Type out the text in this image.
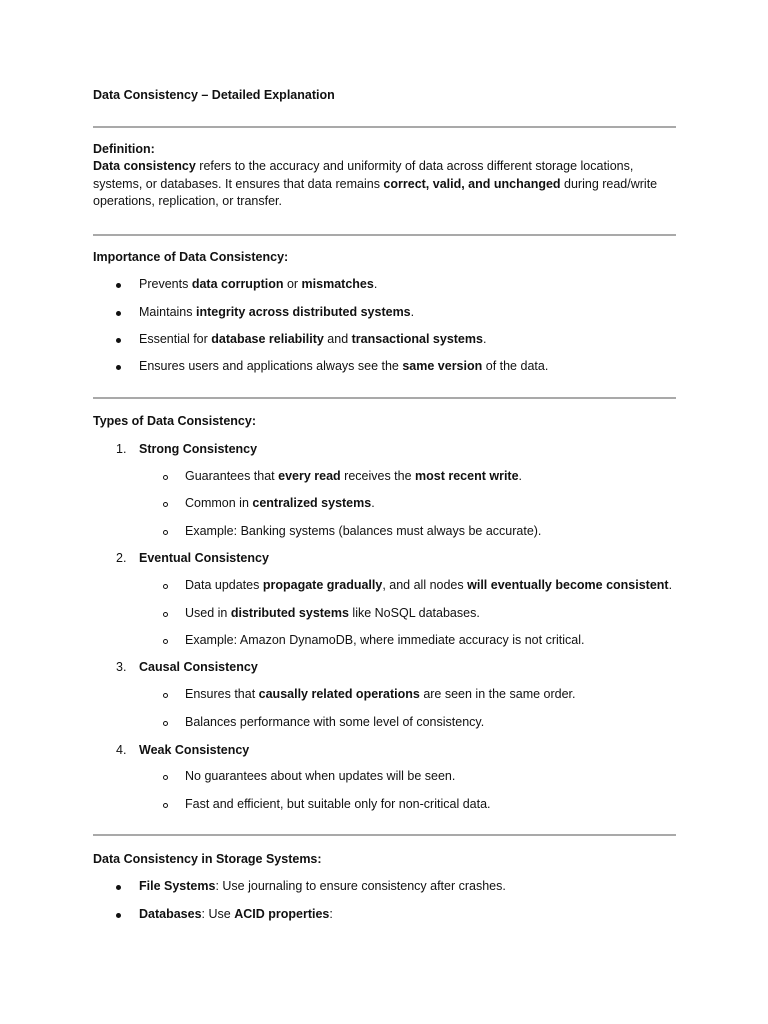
Data Consistency – Detailed Explanation
Definition:
Data consistency refers to the accuracy and uniformity of data across different storage locations, systems, or databases. It ensures that data remains correct, valid, and unchanged during read/write operations, replication, or transfer.
Importance of Data Consistency:
Prevents data corruption or mismatches.
Maintains integrity across distributed systems.
Essential for database reliability and transactional systems.
Ensures users and applications always see the same version of the data.
Types of Data Consistency:
1. Strong Consistency
Guarantees that every read receives the most recent write.
Common in centralized systems.
Example: Banking systems (balances must always be accurate).
2. Eventual Consistency
Data updates propagate gradually, and all nodes will eventually become consistent.
Used in distributed systems like NoSQL databases.
Example: Amazon DynamoDB, where immediate accuracy is not critical.
3. Causal Consistency
Ensures that causally related operations are seen in the same order.
Balances performance with some level of consistency.
4. Weak Consistency
No guarantees about when updates will be seen.
Fast and efficient, but suitable only for non-critical data.
Data Consistency in Storage Systems:
File Systems: Use journaling to ensure consistency after crashes.
Databases: Use ACID properties:
